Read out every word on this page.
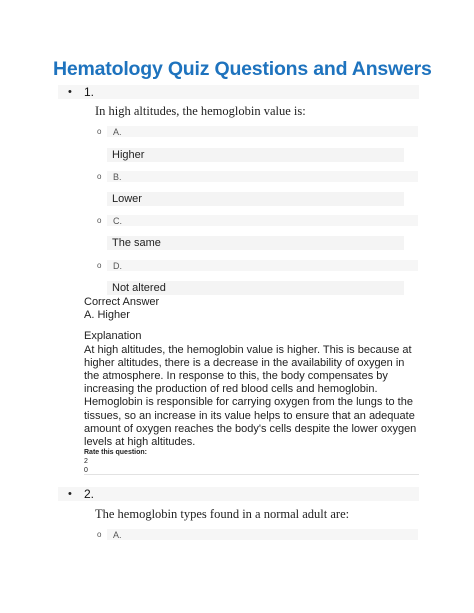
Hematology Quiz Questions and Answers
• 1.
In high altitudes, the hemoglobin value is:
o A.
Higher
o B.
Lower
o C.
The same
o D.
Not altered
Correct Answer
A. Higher
Explanation
At high altitudes, the hemoglobin value is higher. This is because at higher altitudes, there is a decrease in the availability of oxygen in the atmosphere. In response to this, the body compensates by increasing the production of red blood cells and hemoglobin. Hemoglobin is responsible for carrying oxygen from the lungs to the tissues, so an increase in its value helps to ensure that an adequate amount of oxygen reaches the body's cells despite the lower oxygen levels at high altitudes.
Rate this question:
2
0
• 2.
The hemoglobin types found in a normal adult are:
o A.
